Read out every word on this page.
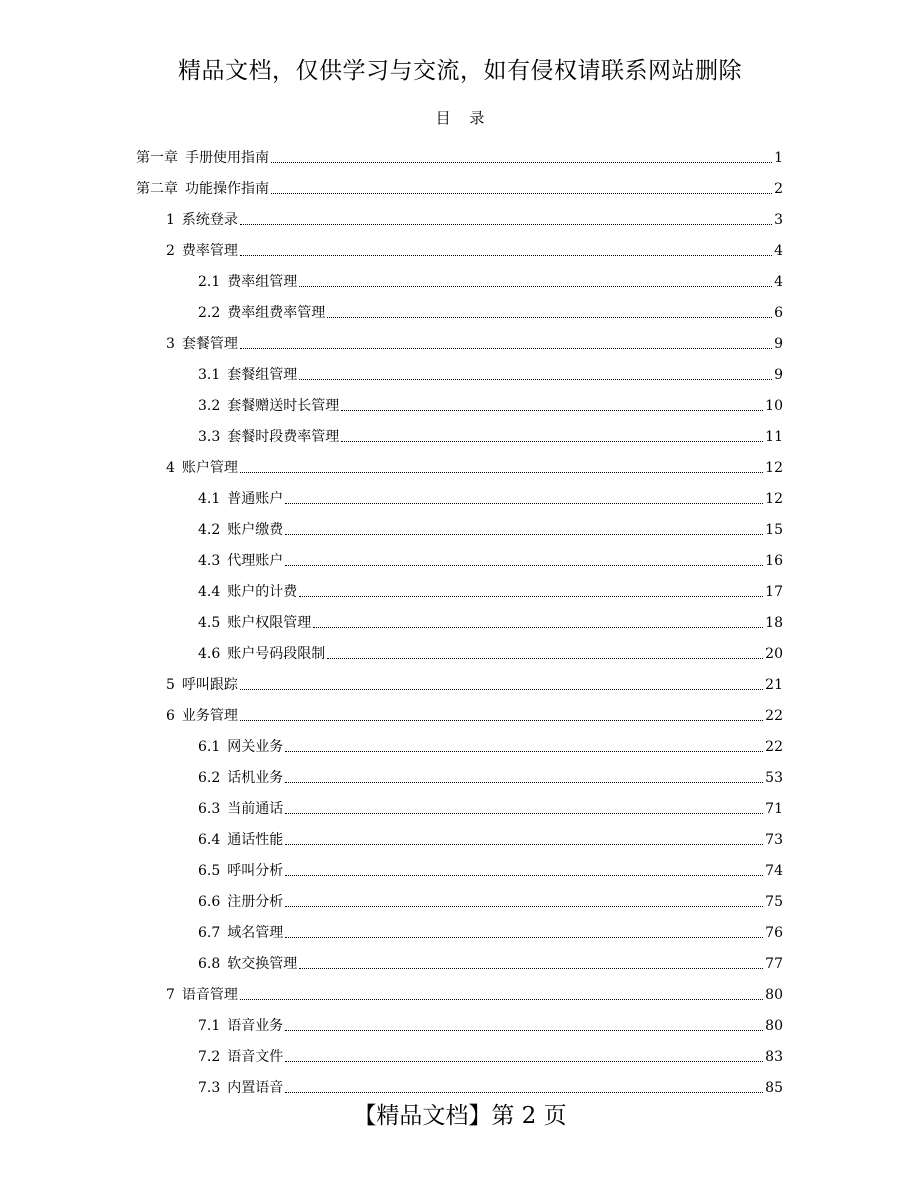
精品文档，仅供学习与交流，如有侵权请联系网站删除
目 录
第一章 手册使用指南	1
第二章 功能操作指南	2
1 系统登录	3
2 费率管理	4
2.1 费率组管理	4
2.2 费率组费率管理	6
3 套餐管理	9
3.1 套餐组管理	9
3.2 套餐赠送时长管理	10
3.3 套餐时段费率管理	11
4 账户管理	12
4.1 普通账户	12
4.2 账户缴费	15
4.3 代理账户	16
4.4 账户的计费	17
4.5 账户权限管理	18
4.6 账户号码段限制	20
5 呼叫跟踪	21
6 业务管理	22
6.1 网关业务	22
6.2 话机业务	53
6.3 当前通话	71
6.4 通话性能	73
6.5 呼叫分析	74
6.6 注册分析	75
6.7 域名管理	76
6.8 软交换管理	77
7 语音管理	80
7.1 语音业务	80
7.2 语音文件	83
7.3 内置语音	85
【精品文档】第 2 页
